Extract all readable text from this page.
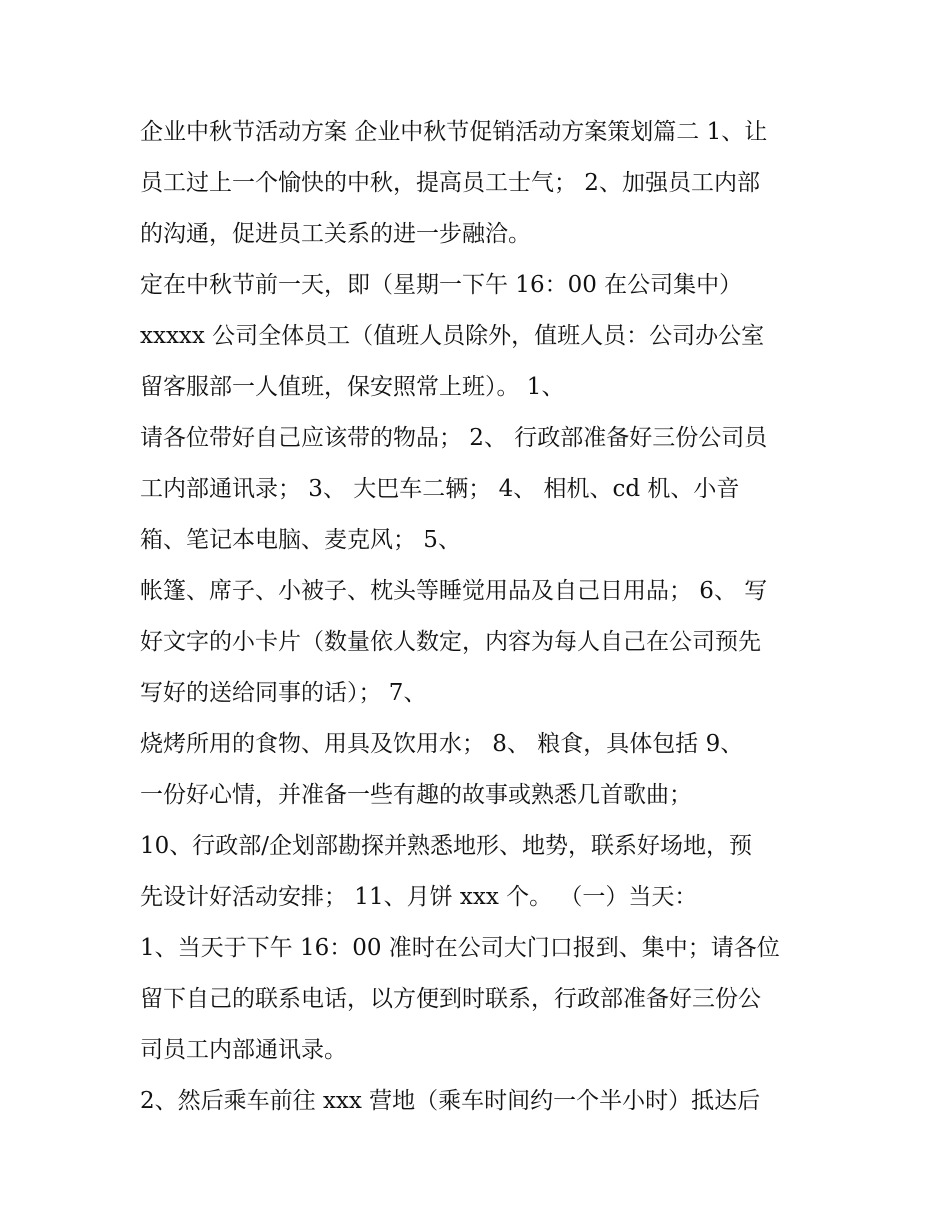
企业中秋节活动方案 企业中秋节促销活动方案策划篇二 1、让
员工过上一个愉快的中秋，提高员工士气； 2、加强员工内部
的沟通，促进员工关系的进一步融洽。
定在中秋节前一天，即（星期一下午 16：00 在公司集中）
xxxxx 公司全体员工（值班人员除外，值班人员：公司办公室
留客服部一人值班，保安照常上班）。 1、
请各位带好自己应该带的物品； 2、 行政部准备好三份公司员
工内部通讯录； 3、 大巴车二辆； 4、 相机、cd 机、小音
箱、笔记本电脑、麦克风； 5、
帐篷、席子、小被子、枕头等睡觉用品及自己日用品； 6、 写
好文字的小卡片（数量依人数定，内容为每人自己在公司预先
写好的送给同事的话）； 7、
烧烤所用的食物、用具及饮用水； 8、 粮食，具体包括 9、
一份好心情，并准备一些有趣的故事或熟悉几首歌曲；
10、行政部/企划部勘探并熟悉地形、地势，联系好场地，预
先设计好活动安排； 11、月饼 xxx 个。 （一）当天：
1、当天于下午 16：00 准时在公司大门口报到、集中；请各位
留下自己的联系电话，以方便到时联系，行政部准备好三份公
司员工内部通讯录。
2、然后乘车前往 xxx 营地（乘车时间约一个半小时）抵达后
